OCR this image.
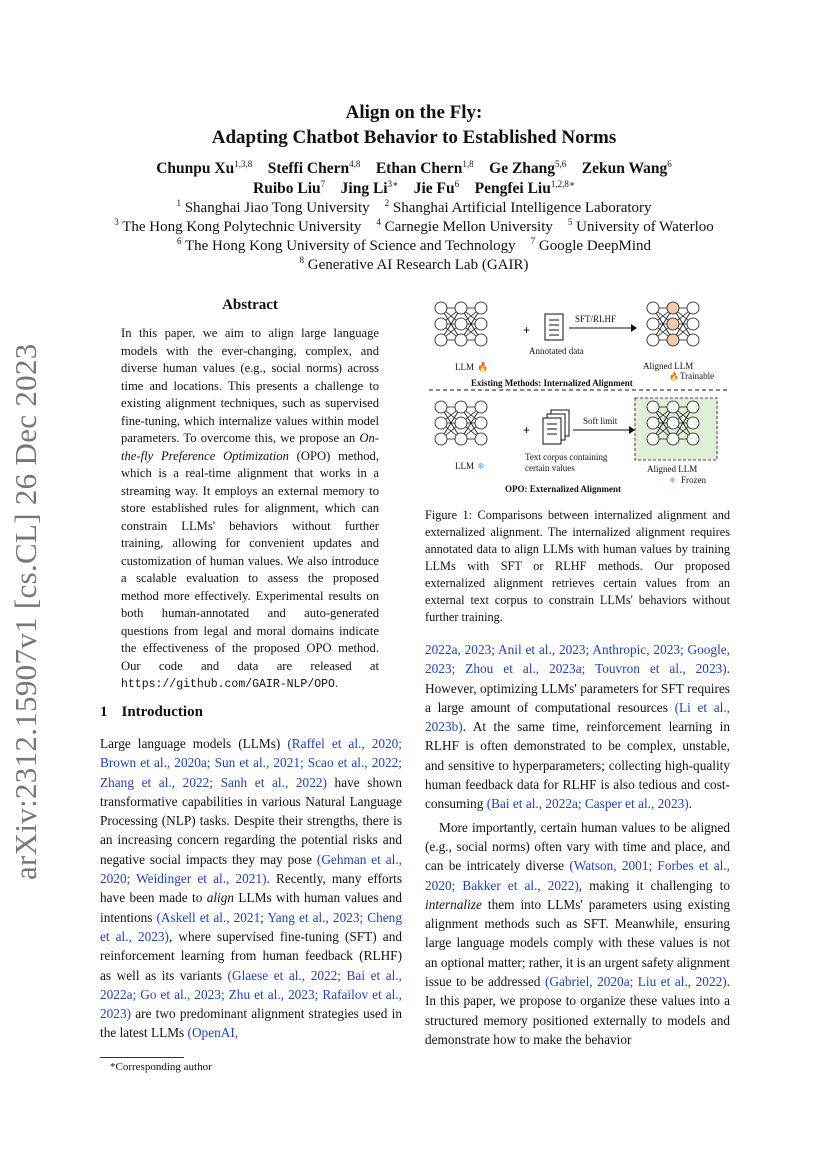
arXiv:2312.15907v1 [cs.CL] 26 Dec 2023
Align on the Fly:
Adapting Chatbot Behavior to Established Norms
Chunpu Xu$^{1,3,8}$ Steffi Chern$^{4,8}$ Ethan Chern$^{1,8}$ Ge Zhang$^{5,6}$ Zekun Wang$^6$
Ruibo Liu$^7$ Jing $Li^{3∗}$ Jie Fu$^6$ Pengfei Liu$^{1,2,8∗}$
$^1$ Shanghai Jiao Tong University $^2$ Shanghai Artificial Intelligence Laboratory
$^3$ The Hong Kong Polytechnic University $^4$ Carnegie Mellon University $^5$ University of Waterloo
$^6$ The Hong Kong University of Science and Technology $^7$ Google DeepMind
$^8$ Generative AI Research Lab (GAIR)
Abstract

In this paper, we aim to align large language models with the ever-changing, complex, and diverse human values (e.g., social norms) across time and locations. This presents a challenge to existing alignment techniques, such as supervised fine-tuning, which internalize values within model parameters. To overcome this, we propose an On-the-fly Preference Optimization (OPO) method, which is a real-time alignment that works in a streaming way. It employs an external memory to store established rules for alignment, which can constrain LLMs' behaviors without further training, allowing for convenient updates and customization of human values. We also introduce a scalable evaluation to assess the proposed method more effectively. Experimental results on both human-annotated and auto-generated questions from legal and moral domains indicate the effectiveness of the proposed OPO method. Our code and data are released at https://github.com/GAIR-NLP/OPO.

1 Introduction

Large language models (LLMs) (Raffel et al., 2020; Brown et al., 2020a; Sun et al., 2021; Scao et al., 2022; Zhang et al., 2022; Sanh et al., 2022) have shown transformative capabilities in various Natural Language Processing (NLP) tasks. Despite their strengths, there is an increasing concern regarding the potential risks and negative social impacts they may pose (Gehman et al., 2020; Weidinger et al., 2021). Recently, many efforts have been made to align LLMs with human values and intentions (Askell et al., 2021; Yang et al., 2023; Cheng et al., 2023), where supervised fine-tuning (SFT) and reinforcement learning from human feedback (RLHF) as well as its variants (Glaese et al., 2022; Bai et al., 2022a; Go et al., 2023; Zhu et al., 2023; Rafailov et al., 2023) are two predominant alignment strategies used in the latest LLMs (OpenAI,

*Corresponding author
LLM 🔥
+
Annotated data
SFT/RLHF
Aligned LLM
🔥 Trainable
Existing Methods: Internalized Alignment
LLM ❄
+
Text corpus containing
certain values
Soft limit
Aligned LLM
❄ Frozen
OPO: Externalized Alignment
Figure 1: Comparisons between internalized alignment and externalized alignment. The internalized alignment requires annotated data to align LLMs with human values by training LLMs with SFT or RLHF methods. Our proposed externalized alignment retrieves certain values from an external text corpus to constrain LLMs' behaviors without further training.

2022a, 2023; Anil et al., 2023; Anthropic, 2023; Google, 2023; Zhou et al., 2023a; Touvron et al., 2023). However, optimizing LLMs' parameters for SFT requires a large amount of computational resources (Li et al., 2023b). At the same time, reinforcement learning in RLHF is often demonstrated to be complex, unstable, and sensitive to hyperparameters; collecting high-quality human feedback data for RLHF is also tedious and cost-consuming (Bai et al., 2022a; Casper et al., 2023).

More importantly, certain human values to be aligned (e.g., social norms) often vary with time and place, and can be intricately diverse (Watson, 2001; Forbes et al., 2020; Bakker et al., 2022), making it challenging to internalize them into LLMs' parameters using existing alignment methods such as SFT. Meanwhile, ensuring large language models comply with these values is not an optional matter; rather, it is an urgent safety alignment issue to be addressed (Gabriel, 2020a; Liu et al., 2022). In this paper, we propose to organize these values into a structured memory positioned externally to models and demonstrate how to make the behavior
